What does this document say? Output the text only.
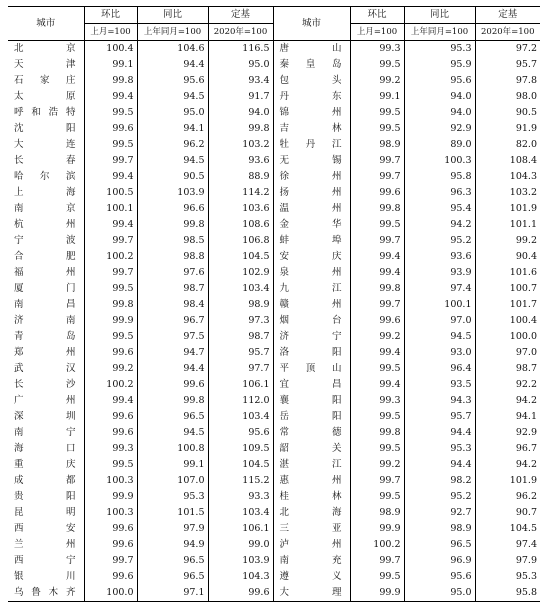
城市	环比	同比	定基	城市	环比	同比	定基
	上月=100	上年同月=100	2020年=100		上月=100	上年同月=100	2020年=100
北京	100.4	104.6	116.5	唐山	99.3	95.3	97.2
天津	99.1	94.4	95.0	秦皇岛	99.5	95.9	95.7
石家庄	99.8	95.6	93.4	包头	99.2	95.6	97.8
太原	99.4	94.5	91.7	丹东	99.1	94.0	98.0
呼和浩特	99.5	95.0	94.0	锦州	99.5	94.0	90.5
沈阳	99.6	94.1	99.8	吉林	99.5	92.9	91.9
大连	99.5	96.2	103.2	牡丹江	98.9	89.0	82.0
长春	99.7	94.5	93.6	无锡	99.7	100.3	108.4
哈尔滨	99.4	90.5	88.9	徐州	99.7	95.8	104.3
上海	100.5	103.9	114.2	扬州	99.6	96.3	103.2
南京	100.1	96.6	103.6	温州	99.8	95.4	101.9
杭州	99.4	99.8	108.6	金华	99.5	94.2	101.1
宁波	99.7	98.5	106.8	蚌埠	99.7	95.2	99.2
合肥	100.2	98.8	104.5	安庆	99.4	93.6	90.4
福州	99.7	97.6	102.9	泉州	99.4	93.9	101.6
厦门	99.5	98.7	103.4	九江	99.8	97.4	100.7
南昌	99.8	98.4	98.9	赣州	99.7	100.1	101.7
济南	99.9	96.7	97.3	烟台	99.6	97.0	100.4
青岛	99.5	97.5	98.7	济宁	99.2	94.5	100.0
郑州	99.6	94.7	95.7	洛阳	99.4	93.0	97.0
武汉	99.2	94.4	97.7	平顶山	99.5	96.4	98.7
长沙	100.2	99.6	106.1	宜昌	99.4	93.5	92.2
广州	99.4	99.8	112.0	襄阳	99.3	94.3	94.2
深圳	99.6	96.5	103.4	岳阳	99.5	95.7	94.1
南宁	99.6	94.5	95.6	常德	99.8	94.4	92.9
海口	99.3	100.8	109.5	韶关	99.5	95.3	96.7
重庆	99.5	99.1	104.5	湛江	99.2	94.4	94.2
成都	100.3	107.0	115.2	惠州	99.7	98.2	101.9
贵阳	99.9	95.3	93.3	桂林	99.5	95.2	96.2
昆明	100.3	101.5	103.4	北海	98.9	92.7	90.7
西安	99.6	97.9	106.1	三亚	99.9	98.9	104.5
兰州	99.6	94.9	99.0	泸州	100.2	96.5	97.4
西宁	99.7	96.5	103.9	南充	99.7	96.9	97.9
银川	99.6	96.5	104.3	遵义	99.5	95.6	95.3
乌鲁木齐	100.0	97.1	99.6	大理	99.9	95.0	95.8
